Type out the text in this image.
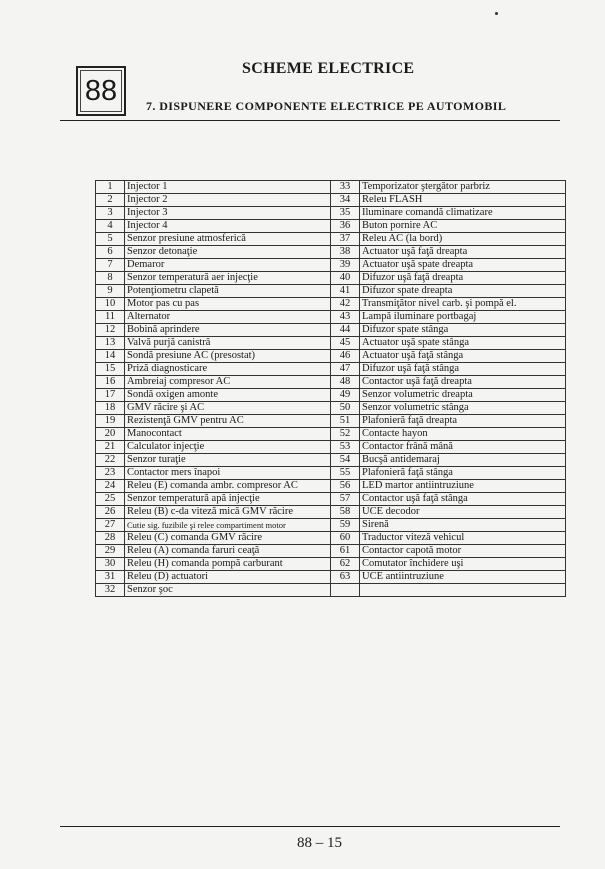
88
SCHEME ELECTRICE
7. DISPUNERE COMPONENTE ELECTRICE PE AUTOMOBIL
1	Injector 1	33	Temporizator ştergător parbriz
2	Injector 2	34	Releu FLASH
3	Injector 3	35	Iluminare comandă climatizare
4	Injector 4	36	Buton pornire AC
5	Senzor presiune atmosferică	37	Releu AC (la bord)
6	Senzor detonaţie	38	Actuator uşă faţă dreapta
7	Demaror	39	Actuator uşă spate dreapta
8	Senzor temperatură aer injecţie	40	Difuzor uşă faţă dreapta
9	Potenţiometru clapetă	41	Difuzor spate dreapta
10	Motor pas cu pas	42	Transmiţător nivel carb. şi pompă el.
11	Alternator	43	Lampă iluminare portbagaj
12	Bobină aprindere	44	Difuzor spate stânga
13	Valvă purjă canistră	45	Actuator uşă spate stânga
14	Sondă presiune AC (presostat)	46	Actuator uşă faţă stânga
15	Priză diagnosticare	47	Difuzor uşă faţă stânga
16	Ambreiaj compresor AC	48	Contactor uşă faţă dreapta
17	Sondă oxigen amonte	49	Senzor volumetric dreapta
18	GMV răcire şi AC	50	Senzor volumetric stânga
19	Rezistenţă GMV pentru AC	51	Plafonieră faţă dreapta
20	Manocontact	52	Contacte hayon
21	Calculator injecţie	53	Contactor frână mână
22	Senzor turaţie	54	Bucşă antidemaraj
23	Contactor mers înapoi	55	Plafonieră faţă stânga
24	Releu (E) comanda ambr. compresor AC	56	LED martor antiintruziune
25	Senzor temperatură apă injecţie	57	Contactor uşă faţă stânga
26	Releu (B) c-da viteză mică GMV răcire	58	UCE decodor
27	Cutie sig. fuzibile şi relee compartiment motor	59	Sirenă
28	Releu (C) comanda GMV răcire	60	Traductor viteză vehicul
29	Releu (A) comanda faruri ceaţă	61	Contactor capotă motor
30	Releu (H) comanda pompă carburant	62	Comutator închidere uşi
31	Releu (D) actuatori	63	UCE antiintruziune
32	Senzor şoc		
88 – 15
